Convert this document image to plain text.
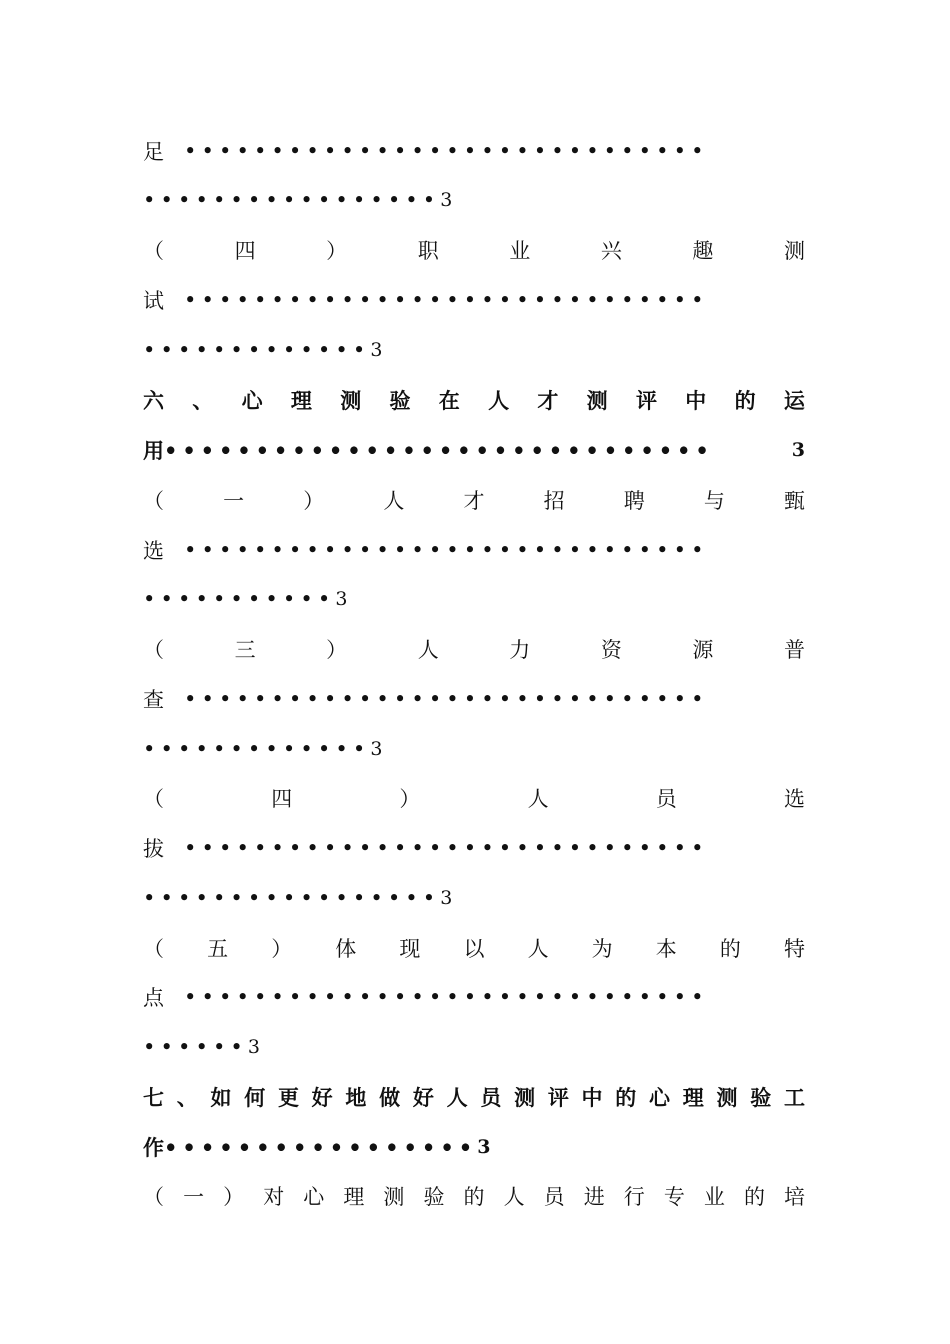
足 ••••••••••••••••••••••••••••••
••••••••••••••••• 3
（	四	）	职	业	兴	趣	测
试 ••••••••••••••••••••••••••••••
••••••••••••• 3
六 、 心 理 测 验 在 人 才 测 评 中 的 运
用 ••••••••••••••••••••••••••••••	3
（	一	）	人	才	招	聘	与	甄
选 ••••••••••••••••••••••••••••••
••••••••••• 3
（	三	）	人	力	资	源	普
查 ••••••••••••••••••••••••••••••
••••••••••••• 3
（	四	）	人	员	选
拔 ••••••••••••••••••••••••••••••
••••••••••••••••• 3
（ 五 ） 体 现 以 人 为 本 的 特
点 ••••••••••••••••••••••••••••••
•••••• 3
七 、 如 何 更 好 地 做 好 人 员 测 评 中 的 心 理 测 验 工
作 ••••••••••••••••• 3
（ 一 ） 对 心 理 测 验 的 人 员 进 行 专 业 的 培
